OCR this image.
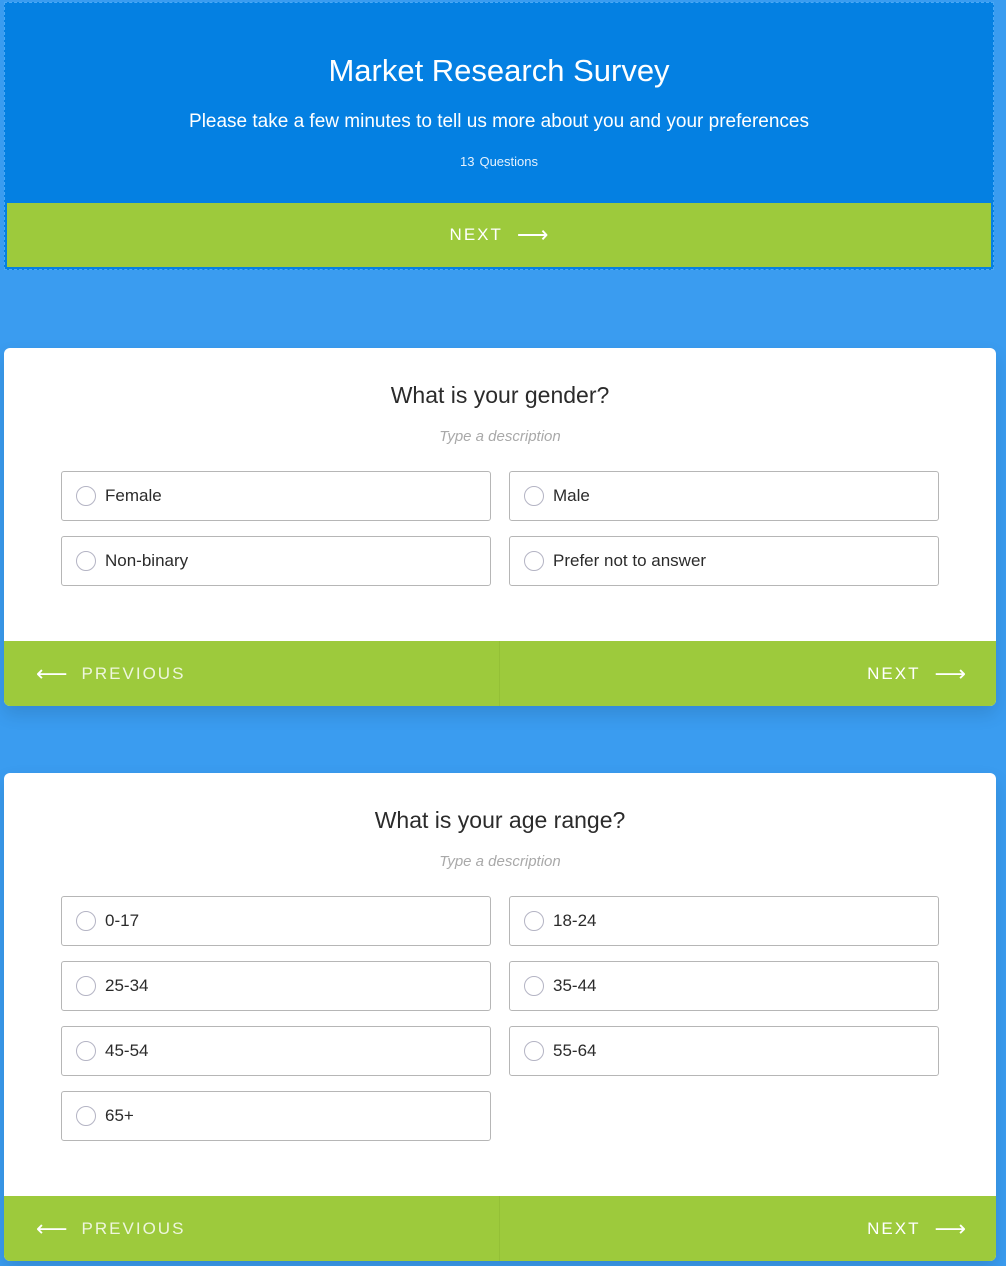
Market Research Survey
Please take a few minutes to tell us more about you and your preferences
13 Questions
NEXT ⟶
What is your gender?
Type a description
Female	Male
Non-binary	Prefer not to answer
⟵ PREVIOUS	NEXT ⟶
What is your age range?
Type a description
0-17	18-24
25-34	35-44
45-54	55-64
65+
⟵ PREVIOUS	NEXT ⟶
